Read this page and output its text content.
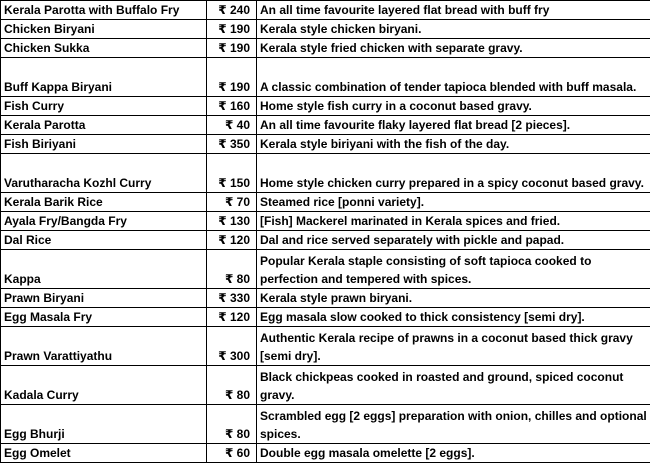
Kerala Parotta with Buffalo Fry	₹ 240	An all time favourite layered flat bread with buff fry
Chicken Biryani	₹ 190	Kerala style chicken biryani.
Chicken Sukka	₹ 190	Kerala style fried chicken with separate gravy.
Buff Kappa Biryani	₹ 190	A classic combination of tender tapioca blended with buff masala.
Fish Curry	₹ 160	Home style fish curry in a coconut based gravy.
Kerala Parotta	₹ 40	An all time favourite flaky layered flat bread [2 pieces].
Fish Biriyani	₹ 350	Kerala style biriyani with the fish of the day.
Varutharacha Kozhl Curry	₹ 150	Home style chicken curry prepared in a spicy coconut based gravy.
Kerala Barik Rice	₹ 70	Steamed rice [ponni variety].
Ayala Fry/Bangda Fry	₹ 130	[Fish] Mackerel marinated in Kerala spices and fried.
Dal Rice	₹ 120	Dal and rice served separately with pickle and papad.
Kappa	₹ 80	Popular Kerala staple consisting of soft tapioca cooked to perfection and tempered with spices.
Prawn Biryani	₹ 330	Kerala style prawn biryani.
Egg Masala Fry	₹ 120	Egg masala slow cooked to thick consistency [semi dry].
Prawn Varattiyathu	₹ 300	Authentic Kerala recipe of prawns in a coconut based thick gravy [semi dry].
Kadala Curry	₹ 80	Black chickpeas cooked in roasted and ground, spiced coconut gravy.
Egg Bhurji	₹ 80	Scrambled egg [2 eggs] preparation with onion, chilles and optional spices.
Egg Omelet	₹ 60	Double egg masala omelette [2 eggs].
